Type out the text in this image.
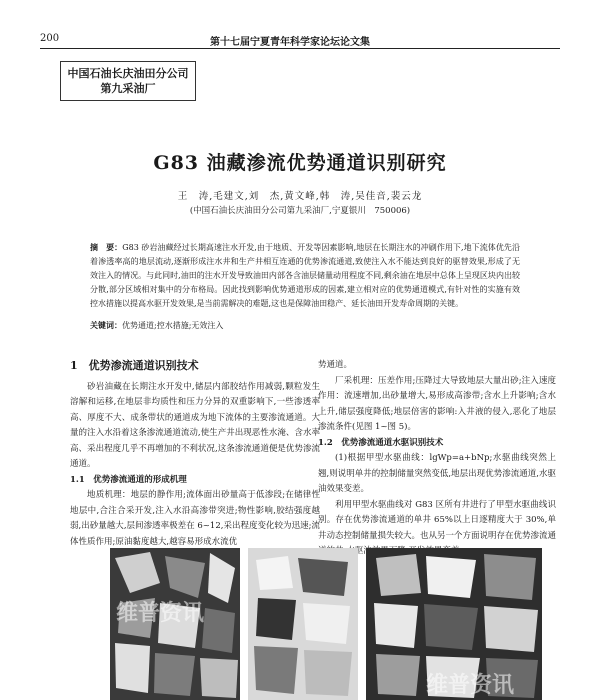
200	第十七届宁夏青年科学家论坛论文集
中国石油长庆油田分公司
第九采油厂
G83 油藏渗流优势通道识别研究
王　涛,毛建文,刘　杰,黄文峰,韩　涛,吴佳音,裴云龙
(中国石油长庆油田分公司第九采油厂,宁夏银川　750006)
摘　要：G83 砂岩油藏经过长期高速注水开发,由于地质、开发等因素影响,地层在长期注水的冲刷作用下,地下流体优先沿着渗透率高的地层流动,逐渐形成注水井和生产井相互连通的优势渗流通道,致使注入水不能达到良好的驱替效果,形成了无效注入的情况。与此同时,油田的注水开发导致油田内部各含油层储量动用程度不同,剩余油在地层中总体上呈现区块内出较分散,部分区域相对集中的分布格局。因此找到影响优势通道形成的因素,建立相对应的优势通道模式,有针对性的实施有效控水措施以提高水驱开发效果,是当前需解决的难题,这也是保障油田稳产、延长油田开发寿命周期的关键。
关键词：优势通道;控水措施;无效注入
1　优势渗流通道识别技术
砂岩油藏在长期注水开发中,储层内部胶结作用减弱,颗粒发生溶解和运移,在地层非均质性和压力分异的双重影响下,一些渗透率高、厚度不大、成条带状的通道成为地下流体的主要渗流通道。大量的注入水沿着这条渗流通道流动,使生产井出现恶性水淹、含水率高、采出程度几乎不再增加的不利状况,这条渗流通道便是优势渗流通道。
1.1　优势渗流通道的形成机理
地质机理：地层的静作用;流体面出砂量高于低渗段;在储律性地层中,合注合采开发,注入水沿高渗带突进;物性影响,胶结强度越弱,出砂量越大,层间渗透率极差在 6~12,采出程度变化较为迅速;流体性质作用;原油黏度越大,越容易形成水流优
势通道。
厂采机理：压差作用;压降过大导致地层大量出砂;注入速度作用：流速增加,出砂量增大,易形成高渗带;含水上升影响;含水上升,储层强度降低;地层倍害的影响:入井液的侵入,恶化了地层渗流条件(见图 1~图 5)。
1.2　优势渗流通道水驱识别技术
(1)根据甲型水驱曲线：lgWp=a+bNp;水驱曲线突然上翘,则说明单井的控制储量突然变低,地层出现优势渗流通道,水驱油效果变差。
利用甲型水驱曲线对 G83 区所有井进行了甲型水驱曲线识别。存在优势渗流通道的单井 65%以上日逐精度大于 30%,单井动态控制储量损失较大。也从另一个方面说明存在优势渗流通 驱
维普资讯
维普资讯
